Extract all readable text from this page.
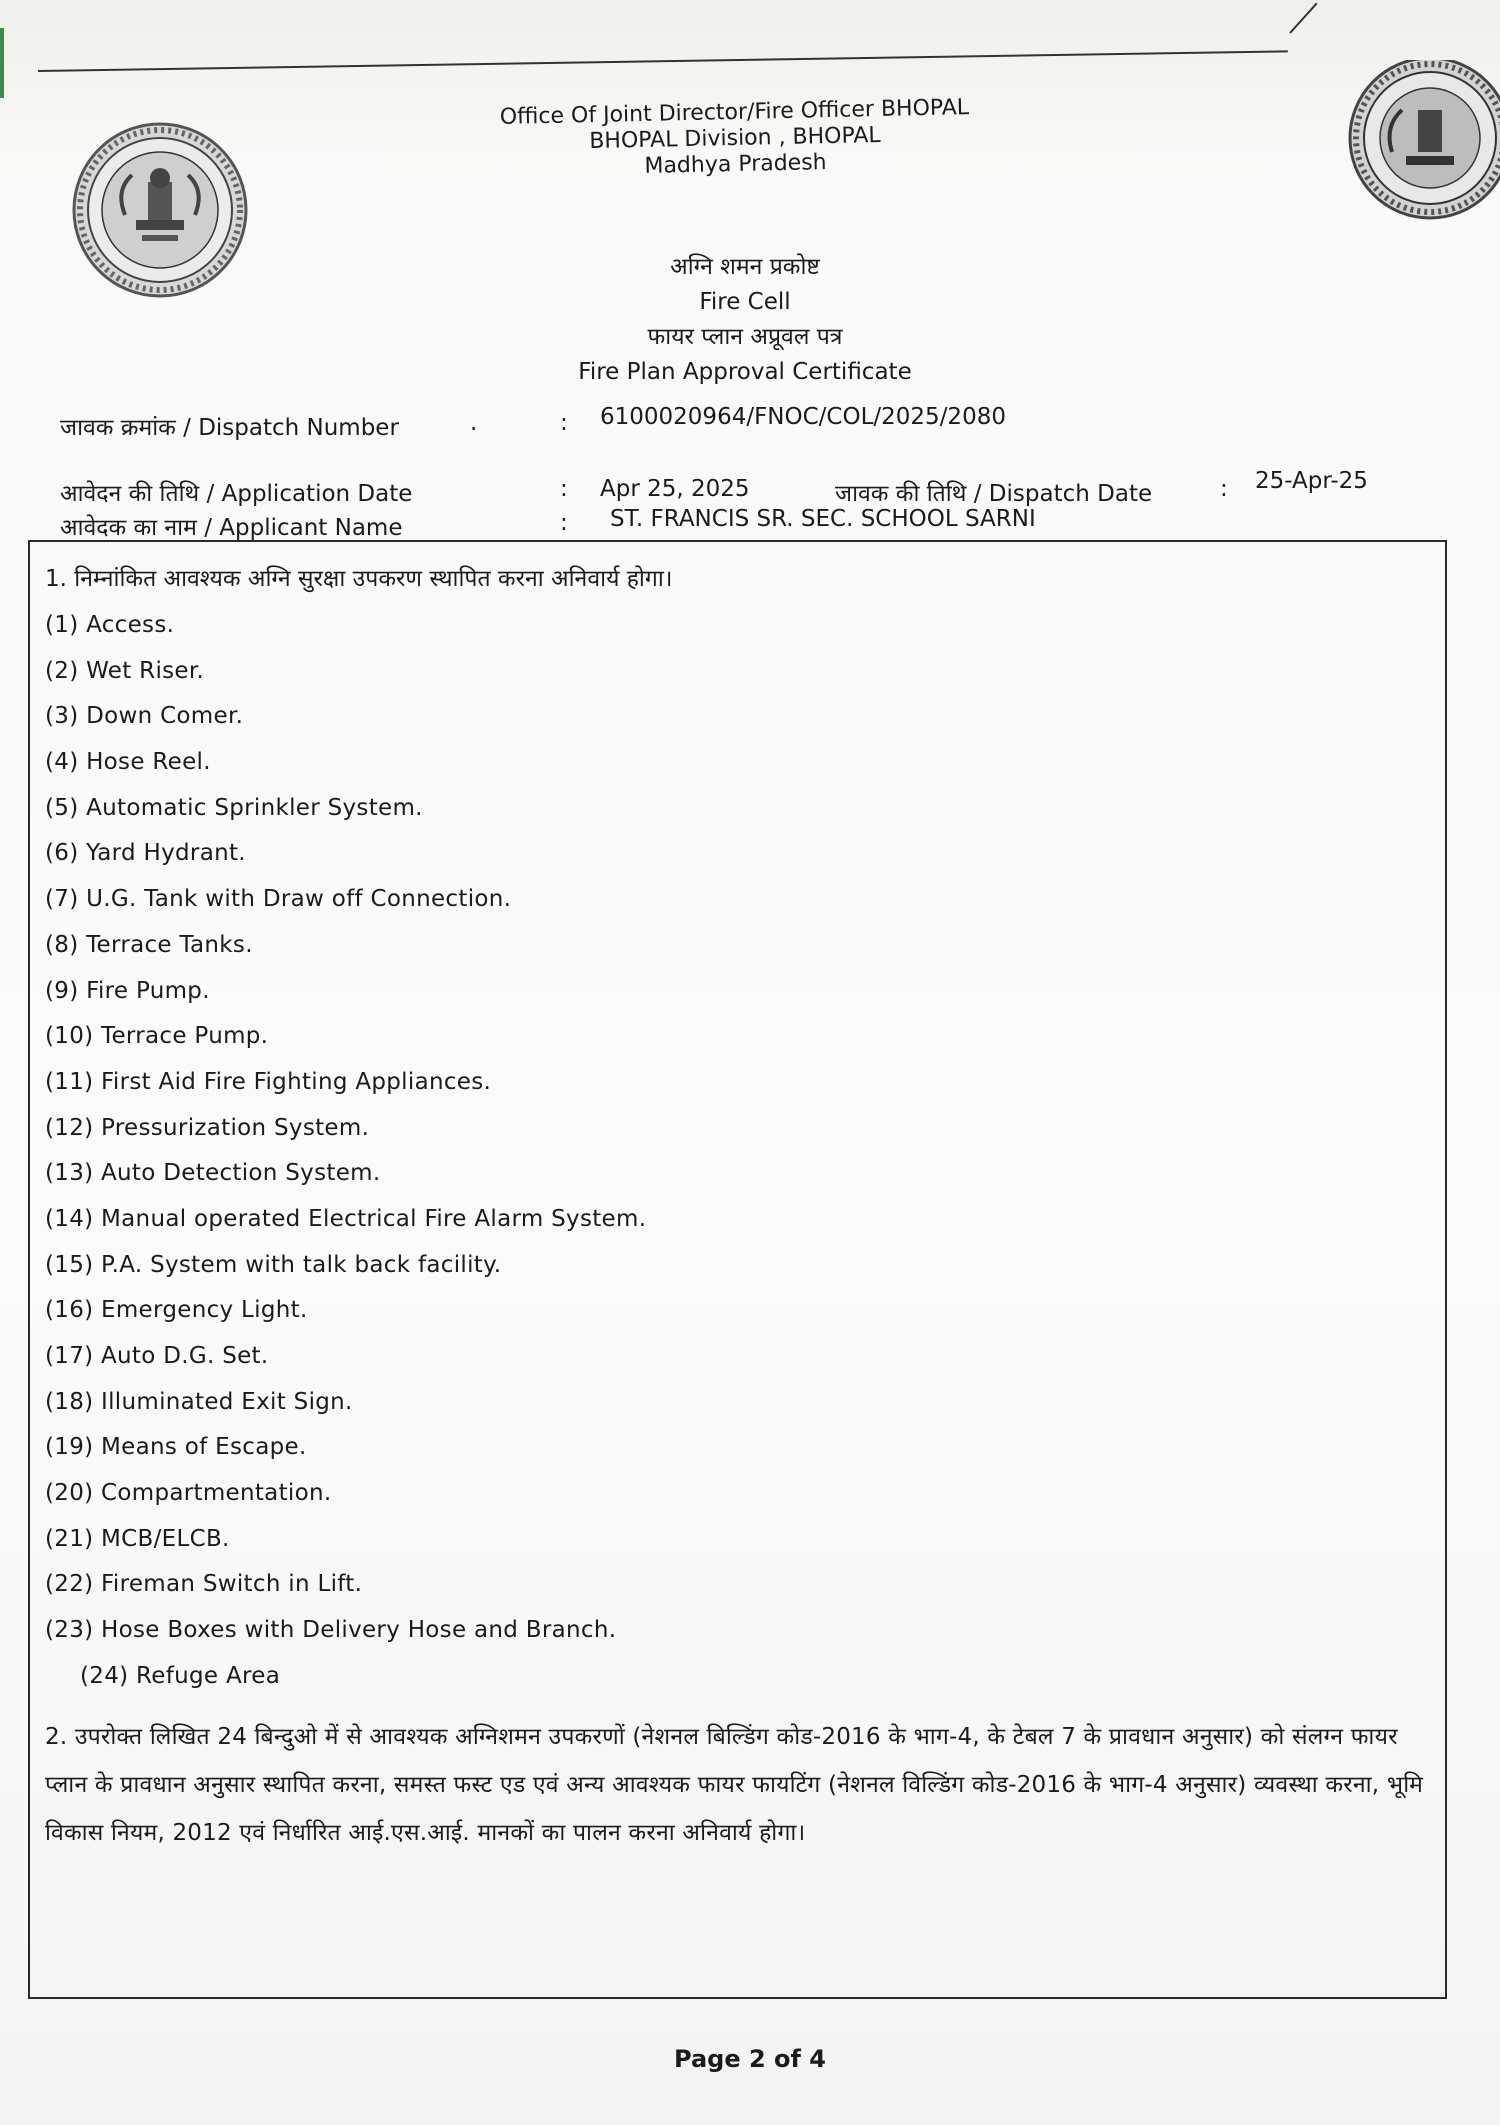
Office Of Joint Director/Fire Officer BHOPAL
BHOPAL Division , BHOPAL
Madhya Pradesh
अग्नि शमन प्रकोष्ट
Fire Cell
फायर प्लान अप्रूवल पत्र
Fire Plan Approval Certificate
जावक क्रमांक / Dispatch Number	.	: 6100020964/FNOC/COL/2025/2080
आवेदन की तिथि / Application Date	: Apr 25, 2025	जावक की तिथि / Dispatch Date	: 25-Apr-25
आवेदक का नाम / Applicant Name	: ST. FRANCIS SR. SEC. SCHOOL SARNI

1. निम्नांकित आवश्यक अग्नि सुरक्षा उपकरण स्थापित करना अनिवार्य होगा।

(1) Access.
(2) Wet Riser.
(3) Down Comer.
(4) Hose Reel.
(5) Automatic Sprinkler System.
(6) Yard Hydrant.
(7) U.G. Tank with Draw off Connection.
(8) Terrace Tanks.
(9) Fire Pump.
(10) Terrace Pump.
(11) First Aid Fire Fighting Appliances.
(12) Pressurization System.
(13) Auto Detection System.
(14) Manual operated Electrical Fire Alarm System.
(15) P.A. System with talk back facility.
(16) Emergency Light.
(17) Auto D.G. Set.
(18) Illuminated Exit Sign.
(19) Means of Escape.
(20) Compartmentation.
(21) MCB/ELCB.
(22) Fireman Switch in Lift.
(23) Hose Boxes with Delivery Hose and Branch.
(24) Refuge Area

2. उपरोक्त लिखित 24 बिन्दुओ में से आवश्यक अग्निशमन उपकरणों (नेशनल बिल्डिंग कोड-2016 के भाग-4, के टेबल 7 के प्रावधान अनुसार) को संलग्न फायर प्लान के प्रावधान अनुसार स्थापित करना, समस्त फस्ट एड एवं अन्य आवश्यक फायर फायटिंग (नेशनल विल्डिंग कोड-2016 के भाग-4 अनुसार) व्यवस्था करना, भूमि विकास नियम, 2012 एवं निर्धारित आई.एस.आई. मानकों का पालन करना अनिवार्य होगा।

Page 2 of 4
